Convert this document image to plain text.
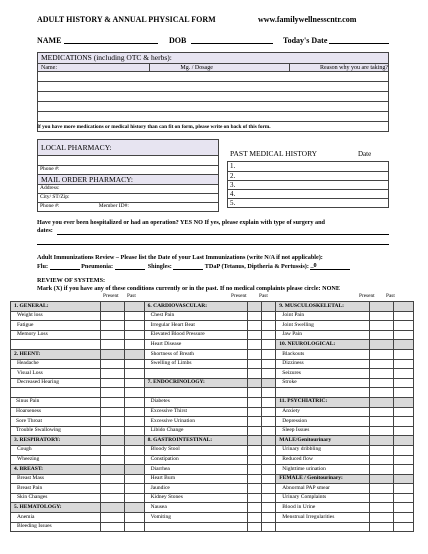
ADULT HISTORY & ANNUAL PHYSICAL FORM	www.familywellnesscntr.com
NAME	DOB	Today's Date
MEDICATIONS (including OTC & herbs):
Name:	Mg. / Dosage	Reason why you are taking?

If you have more medications or medical history than can fit on form, please write on back of this form.
LOCAL PHARMACY:

Phone #:
MAIL ORDER PHARMACY:
Address:
City/ ST/Zip:
Phone #:	Member ID#:
PAST MEDICAL HISTORY	Date
1.
2.
3.
4.
5.
Have you ever been hospitalized or had an operation? YES NO If yes, please explain with type of surgery and
dates:
Adult Immunizations Review – Please list the Date of your Last Immunizations (write N/A if not applicable):
Flu:	Pneumonia:	Shingles:	TDaP (Tetanus, Diptheria & Pertussis): _0
REVIEW OF SYSTEMS:
Mark (X) if you have any of these conditions currently or in the past. If no medical complaints please circle: NONE
Present Past	Present Past	Present Past
1. GENERAL:			6. CARDIOVASCULAR:			9. MUSCULOSKELETAL:		
Weight loss			Chest Pain			Joint Pain		
Fatigue			Irregular Heart Beat			Joint Swelling		
Memory Loss			Elevated Blood Pressure			Jaw Pain		
			Heart Disease			10. NEUROLOGICAL:		
2. HEENT:			Shortness of Breath			Blackouts		
Headache			Swelling of Limbs			Dizziness		
Visual Loss						Seizures		
Decreased Hearing			7. ENDOCRINOLOGY:			Stroke		

Sinus Pain			Diabetes			11. PSYCHIATRIC:		
Hoarseness			Excessive Thirst			Anxiety		
Sore Throat			Excessive Urination			Depression		
Trouble Swallowing			Libido Change			Sleep Issues		
3. RESPIRATORY:			8. GASTROINTESTINAL:			MALE/Genitourinary		
Cough			Bloody Stool			Urinary dribbling		
Wheezing			Constipation			Reduced flow		
4. BREAST:			Diarrhea			Nighttime urination		
Breast Mass			Heart Burn			FEMALE / Genitourinary:		
Breast Pain			Jaundice			Abnormal PAP smear		
Skin Changes			Kidney Stones			Urinary Complaints		
5. HEMATOLOGY:			Nausea			Blood in Urine		
Anemia			Vomiting			Menstrual Irregularities		
Bleeding Issues								
